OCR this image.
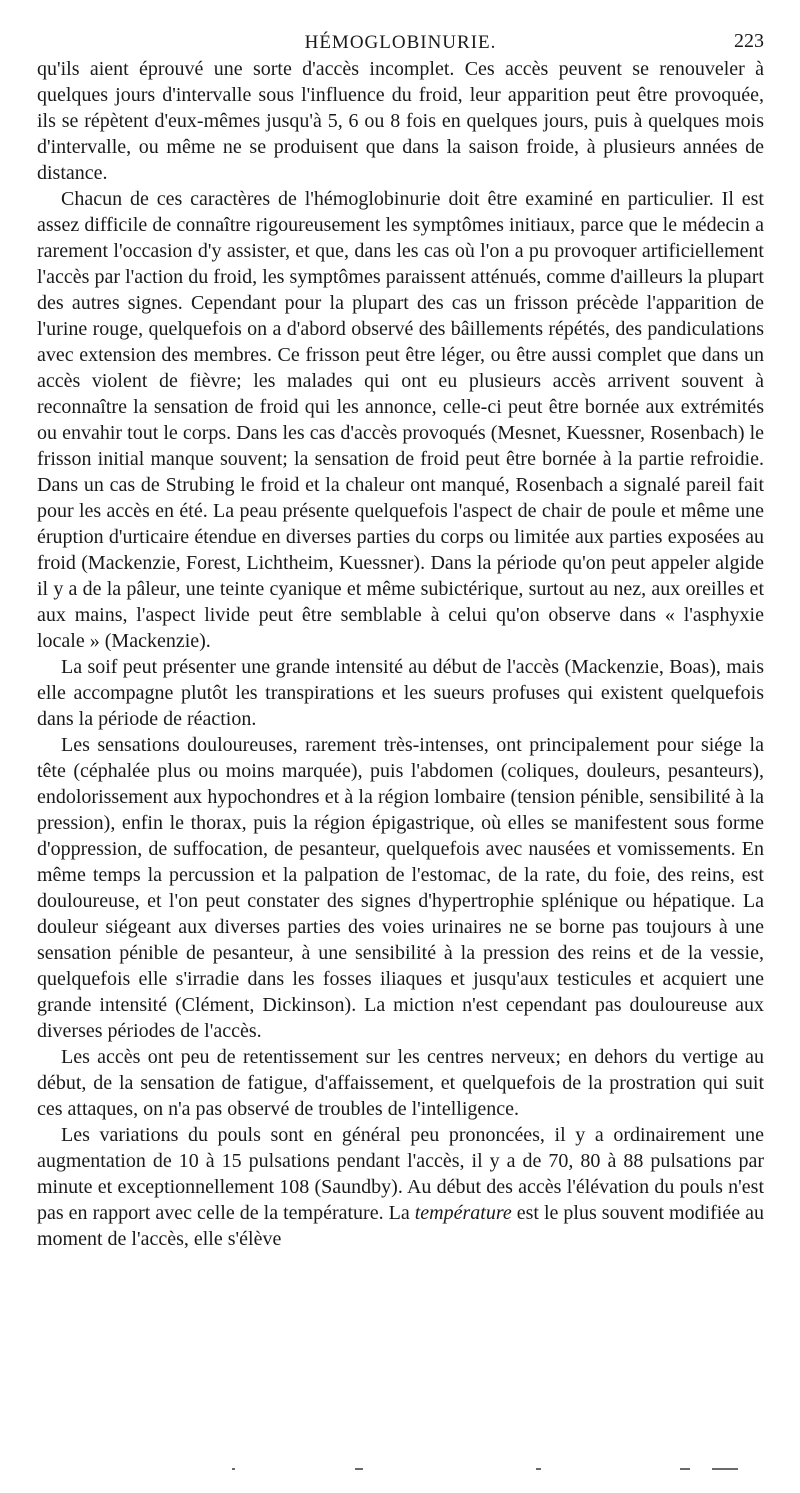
HÉMOGLOBINURIE.	223

qu'ils aient éprouvé une sorte d'accès incomplet. Ces accès peuvent se renouveler à quelques jours d'intervalle sous l'influence du froid, leur apparition peut être provoquée, ils se répètent d'eux-mêmes jusqu'à 5, 6 ou 8 fois en quelques jours, puis à quelques mois d'intervalle, ou même ne se produisent que dans la saison froide, à plusieurs années de distance.

Chacun de ces caractères de l'hémoglobinurie doit être examiné en particulier. Il est assez difficile de connaître rigoureusement les symptômes initiaux, parce que le médecin a rarement l'occasion d'y assister, et que, dans les cas où l'on a pu provoquer artificiellement l'accès par l'action du froid, les symptômes paraissent atténués, comme d'ailleurs la plupart des autres signes. Cependant pour la plupart des cas un frisson précède l'apparition de l'urine rouge, quelquefois on a d'abord observé des bâillements répétés, des pandiculations avec extension des membres. Ce frisson peut être léger, ou être aussi complet que dans un accès violent de fièvre; les malades qui ont eu plusieurs accès arrivent souvent à reconnaître la sensation de froid qui les annonce, celle-ci peut être bornée aux extrémités ou envahir tout le corps. Dans les cas d'accès provoqués (Mesnet, Kuessner, Rosenbach) le frisson initial manque souvent; la sensation de froid peut être bornée à la partie refroidie. Dans un cas de Strubing le froid et la chaleur ont manqué, Rosenbach a signalé pareil fait pour les accès en été. La peau présente quelquefois l'aspect de chair de poule et même une éruption d'urticaire étendue en diverses parties du corps ou limitée aux parties exposées au froid (Mackenzie, Forest, Lichtheim, Kuessner). Dans la période qu'on peut appeler algide il y a de la pâleur, une teinte cyanique et même subictérique, surtout au nez, aux oreilles et aux mains, l'aspect livide peut être semblable à celui qu'on observe dans « l'asphyxie locale » (Mackenzie).

La soif peut présenter une grande intensité au début de l'accès (Mackenzie, Boas), mais elle accompagne plutôt les transpirations et les sueurs profuses qui existent quelquefois dans la période de réaction.

Les sensations douloureuses, rarement très-intenses, ont principalement pour siége la tête (céphalée plus ou moins marquée), puis l'abdomen (coliques, douleurs, pesanteurs), endolorissement aux hypochondres et à la région lombaire (tension pénible, sensibilité à la pression), enfin le thorax, puis la région épigastrique, où elles se manifestent sous forme d'oppression, de suffocation, de pesanteur, quelquefois avec nausées et vomissements. En même temps la percussion et la palpation de l'estomac, de la rate, du foie, des reins, est douloureuse, et l'on peut constater des signes d'hypertrophie splénique ou hépatique. La douleur siégeant aux diverses parties des voies urinaires ne se borne pas toujours à une sensation pénible de pesanteur, à une sensibilité à la pression des reins et de la vessie, quelquefois elle s'irradie dans les fosses iliaques et jusqu'aux testicules et acquiert une grande intensité (Clément, Dickinson). La miction n'est cependant pas douloureuse aux diverses périodes de l'accès.

Les accès ont peu de retentissement sur les centres nerveux; en dehors du vertige au début, de la sensation de fatigue, d'affaissement, et quelquefois de la prostration qui suit ces attaques, on n'a pas observé de troubles de l'intelligence.

Les variations du pouls sont en général peu prononcées, il y a ordinairement une augmentation de 10 à 15 pulsations pendant l'accès, il y a de 70, 80 à 88 pulsations par minute et exceptionnellement 108 (Saundby). Au début des accès l'élévation du pouls n'est pas en rapport avec celle de la température. La température est le plus souvent modifiée au moment de l'accès, elle s'élève
